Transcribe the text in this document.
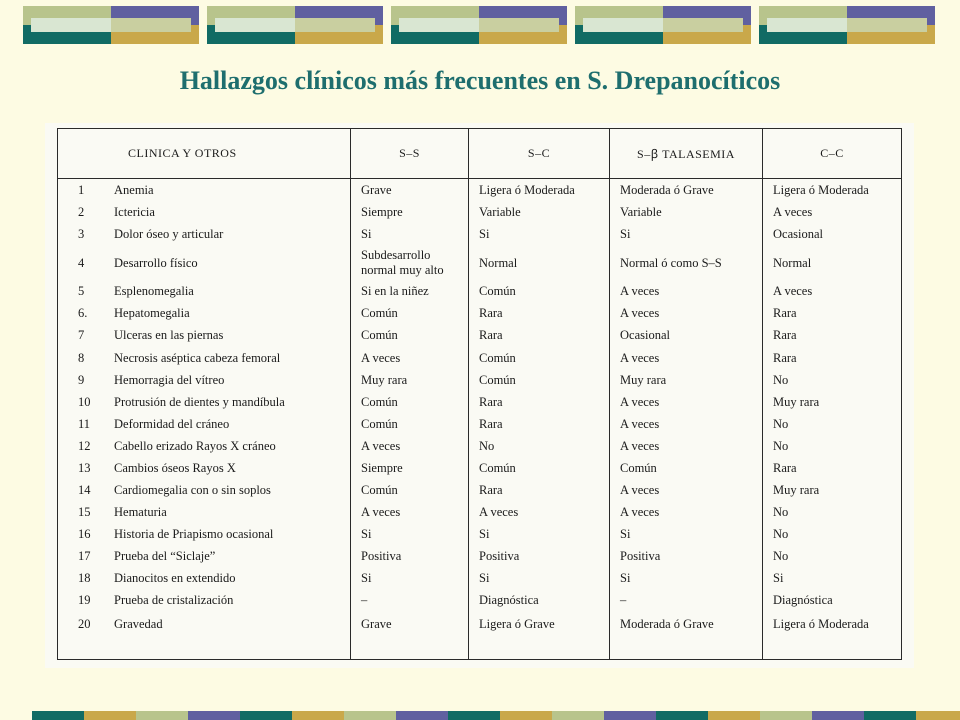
Hallazgos clínicos más frecuentes en S. Drepanocíticos
CLINICA Y OTROS	S–S	S–C	S–ꞵ TALASEMIA	C–C
1 Anemia	Grave	Ligera ó Moderada	Moderada ó Grave	Ligera ó Moderada
2 Ictericia	Siempre	Variable	Variable	A veces
3 Dolor óseo y articular	Si	Si	Si	Ocasional
4 Desarrollo físico	Subdesarrollo normal muy alto	Normal	Normal ó como S–S	Normal
5 Esplenomegalia	Si en la niñez	Común	A veces	A veces
6. Hepatomegalia	Común	Rara	A veces	Rara
7 Ulceras en las piernas	Común	Rara	Ocasional	Rara
8 Necrosis aséptica cabeza femoral	A veces	Común	A veces	Rara
9 Hemorragia del vítreo	Muy rara	Común	Muy rara	No
10 Protrusión de dientes y mandíbula	Común	Rara	A veces	Muy rara
11 Deformidad del cráneo	Común	Rara	A veces	No
12 Cabello erizado Rayos X cráneo	A veces	No	A veces	No
13 Cambios óseos Rayos X	Siempre	Común	Común	Rara
14 Cardiomegalia con o sin soplos	Común	Rara	A veces	Muy rara
15 Hematuria	A veces	A veces	A veces	No
16 Historia de Priapismo ocasional	Si	Si	Si	No
17 Prueba del “Siclaje”	Positiva	Positiva	Positiva	No
18 Dianocitos en extendido	Si	Si	Si	Si
19 Prueba de cristalización	–	Diagnóstica	–	Diagnóstica
20 Gravedad	Grave	Ligera ó Grave	Moderada ó Grave	Ligera ó Moderada
